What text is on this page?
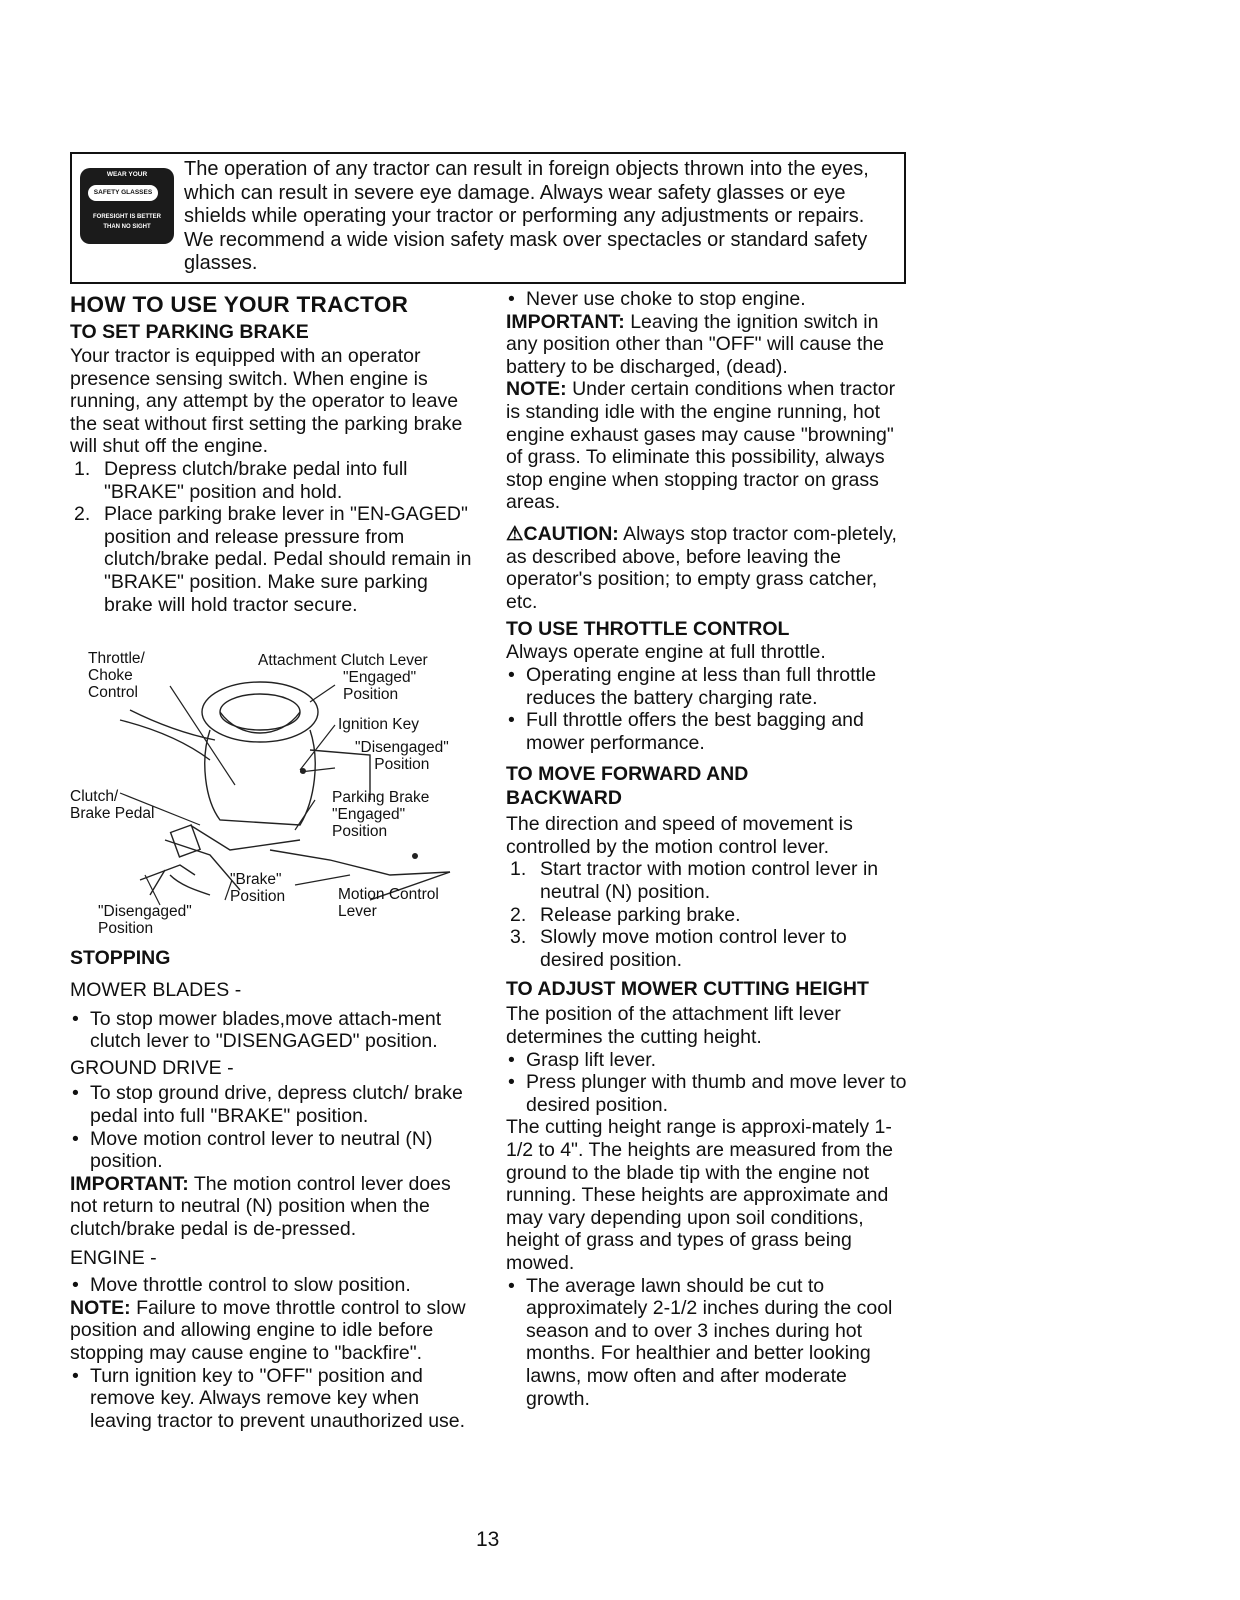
WEAR YOUR
SAFETY GLASSES
FORESIGHT IS BETTER
THAN NO SIGHT

The operation of any tractor can result in foreign objects thrown into the eyes, which can result in severe eye damage. Always wear safety glasses or eye shields while operating your tractor or performing any adjustments or repairs. We recommend a wide vision safety mask over spectacles or standard safety glasses.

HOW TO USE YOUR TRACTOR
TO SET PARKING BRAKE

Your tractor is equipped with an operator presence sensing switch. When engine is running, any attempt by the operator to leave the seat without first setting the parking brake will shut off the engine.

1. Depress clutch/brake pedal into full "BRAKE" position and hold.
2. Place parking brake lever in "EN-GAGED" position and release pressure from clutch/brake pedal. Pedal should remain in "BRAKE" position. Make sure parking brake will hold tractor secure.
Throttle/
Choke
Control
Attachment Clutch Lever
"Engaged"
Position
Ignition Key
"Disengaged"
Position
Clutch/
Brake Pedal
Parking Brake
"Engaged"
Position
"Brake"
Position	Motion Control
Lever
"Disengaged"
Position
STOPPING

MOWER BLADES -

• To stop mower blades,move attach-ment clutch lever to "DISENGAGED" position.

GROUND DRIVE -

• To stop ground drive, depress clutch/ brake pedal into full "BRAKE" position.
• Move motion control lever to neutral (N) position.

IMPORTANT: The motion control lever does not return to neutral (N) position when the clutch/brake pedal is de-pressed.

ENGINE -

• Move throttle control to slow position.

NOTE: Failure to move throttle control to slow position and allowing engine to idle before stopping may cause engine to "backfire".

• Turn ignition key to "OFF" position and remove key. Always remove key when leaving tractor to prevent unauthorized use.
• Never use choke to stop engine.

IMPORTANT: Leaving the ignition switch in any position other than "OFF" will cause the battery to be discharged, (dead).

NOTE: Under certain conditions when tractor is standing idle with the engine running, hot engine exhaust gases may cause "browning" of grass. To eliminate this possibility, always stop engine when stopping tractor on grass areas.

⚠CAUTION: Always stop tractor com-pletely, as described above, before leaving the operator's position; to empty grass catcher, etc.

TO USE THROTTLE CONTROL

Always operate engine at full throttle.

• Operating engine at less than full throttle reduces the battery charging rate.
• Full throttle offers the best bagging and mower performance.
TO MOVE FORWARD AND
BACKWARD

The direction and speed of movement is controlled by the motion control lever.

1. Start tractor with motion control lever in neutral (N) position.
2. Release parking brake.
3. Slowly move motion control lever to desired position.
TO ADJUST MOWER CUTTING HEIGHT

The position of the attachment lift lever determines the cutting height.

• Grasp lift lever.
• Press plunger with thumb and move lever to desired position.

The cutting height range is approxi-mately 1-1/2 to 4". The heights are measured from the ground to the blade tip with the engine not running. These heights are approximate and may vary depending upon soil conditions, height of grass and types of grass being mowed.

• The average lawn should be cut to approximately 2-1/2 inches during the cool season and to over 3 inches during hot months. For healthier and better looking lawns, mow often and after moderate growth.
13
